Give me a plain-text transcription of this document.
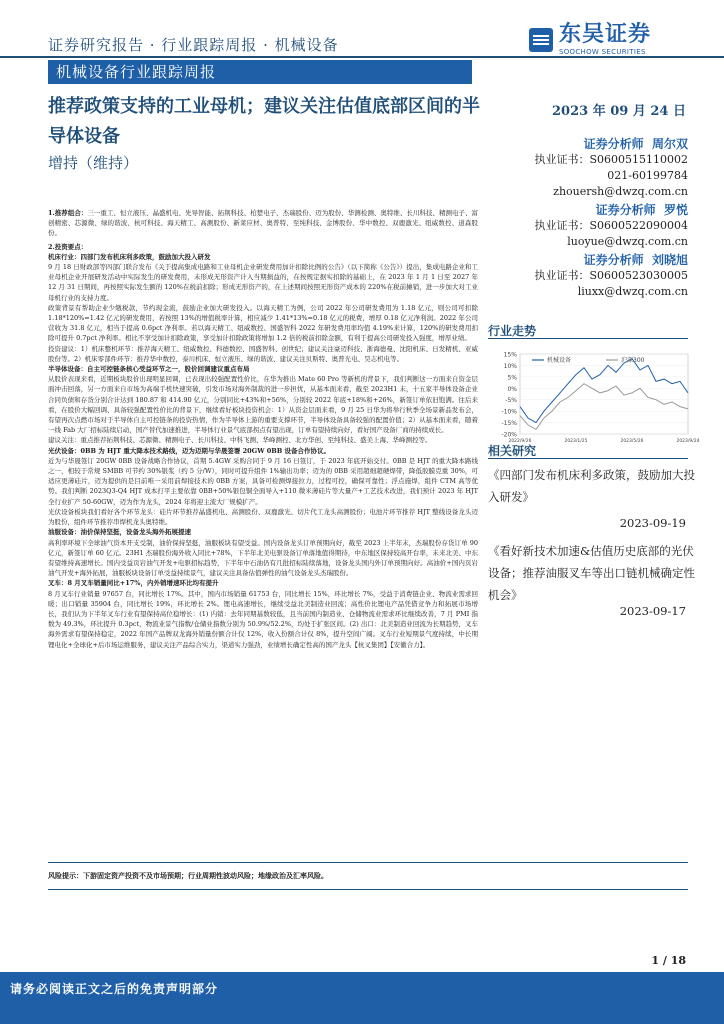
证券研究报告 · 行业跟踪周报 · 机械设备	东吴证券
SOOCHOW SECURITIES
机械设备行业跟踪周报
推荐政策支持的工业母机；建议关注估值底部区间的半导体设备
增持（维持）
2023 年 09 月 24 日
证券分析师 周尔双
执业证书：S0600515110002
021-60199784
zhouersh@dwzq.com.cn
证券分析师 罗悦
执业证书：S0600522090004
luoyue@dwzq.com.cn
证券分析师 刘晓旭
执业证书：S0600523030005
liuxx@dwzq.com.cn
行业走势
15%
10%
5%
0%
-5%
-10%
-15%
-20%
2022/9/26	2023/1/25	2023/5/26	2023/9/24
机械设备	沪深300
相关研究
《四部门发布机床利多政策，鼓励加大投入研发》
2023-09-19
《看好新技术加速&估值历史底部的光伏设备；推荐油服叉车等出口链机械确定性机会》
2023-09-17

1.推荐组合：三一重工、恒立液压、晶盛机电、先导智能、拓荆科技、柏楚电子、杰瑞股份、迈为股份、华测检测、奥特维、长川科技、精测电子、富创精密、芯源微、绿的谐波、杭可科技、海天精工、高测股份、新莱应材、奥普特、至纯科技、金博股份、华中数控、双鹿激光、纽威数控、道森股份。

2.投资要点：

机床行业：四部门发布机床利多政策，鼓励加大投入研发

9 月 18 日财政部等四部门联合发布《关于提高集成电路和工业母机企业研发费用加计扣除比例的公告》（以下简称《公告》）提出，集成电路企业和工业母机企业开展研发活动中实际发生的研发费用，未形成无形资产计入当期损益的，在按规定据实扣除的基础上，在 2023 年 1 月 1 日至 2027 年 12 月 31 日期间，再按照实际发生额的 120%在税前扣除；形成无形资产的，在上述期间按照无形资产成本的 220%在税前摊销，进一步加大对工业母机行业的支持力度。

政策背景有帮助企业少缴税款，节约现金流，鼓励企业加大研发投入。以海天精工为例，公司 2022 年公司研发费用为 1.18 亿元，则公司可扣除 1.18*120%=1.42 亿元的研发费用，若按照 13%的增值税率计算，相应减少 1.41*13%=0.18 亿元的税费，增厚 0.18 亿元净利润。2022 年公司营收为 31.8 亿元，相当于提高 0.6pct 净利率。若以海天精工、纽威数控、国盛智科 2022 年研发费用率均值 4.19%来计算，120%的研发费用扣除可提升 0.7pct 净利率。相比不享受加计扣除政策，享受加计扣除政策将增加 1.2 倍的税前扣除金额，有利于提高公司研发投入强度，增厚业绩。

投资建议：1）机床整机环节：推荐海天精工、纽威数控、科德数控、国盛智科、创世纪；建议关注豪迈科技、浙海德曼、沈阳机床、日发精机、亚威股份等。2）机床零部件环节：推荐华中数控，泰川机床、恒立液压、绿的谐波、建议关注贝斯特、奥普光电、昊志机电等。

半导体设备：自主可控链条核心受益环节之一，股价回调建议重点布局

从股价表现来看，近期板块股价出现明显回调，已表现出较强配置性价比，在华为推出 Mate 60 Pro 等新机的背景下，我们判断这一方面来自资金层面冲击回落，另一方面来自市场为高端手机快速突破，引发市场对海外制裁的进一步担忧，从基本面来看，截至 2023H1 末，十五家半导体设备企业合同负债和存货分别合计达到 180.87 和 414.90 亿元，分别同比+43%和+56%，分别较 2022 年底+18%和+26%，新签订单依旧饱满。往后来看，在股价大幅回调、具备较强配置性价比的背景下，继续看好板块投资机会：1）从资金层面来看，9 月 25 日华为将举行秋季全场景新品发布会，有望再次点燃市场对于半导体自主可控链条的投资热情，作为半导体上游的重要支撑环节，半导体设备具备较强的配置价值；2）从基本面来看，随着一线 Fab 大厂招标陆续启动，国产替代加速推进，半导体行业景气底部拐点有望出现，订单有望持续向好，看好国产设备厂商的持续成长。

建议关注：重点推荐拓荆科技、芯源微、精测电子、长川科技、中科飞测、华峰测控、北方华创、至纯科技、盛美上海、华峰测控等。

光伏设备：0BB 为 HJT 重大降本技术路线，迈为迈期与华晟签署 20GW 0BB 设备合作协议。

近为与华晟签订 20GW 0BB 设备战略合作协议，首期 5.4GW 采购合同于 9 月 16 日签订，于 2023 年底开始交付。0BB 是 HJT 的重大降本路线之一，相较于常规 SMBB 可节约 30%银浆（约 5 分/W），同时可提升组件 1%输出功率；迈为的 0BB 采用超细超硬焊带，降低胶膜克重 30%，可适应更薄硅片，迈为提供的是目前唯一采用前焊接技术的 0BB 方案，具备可检测焊接拉力，过程可控，确保可靠性；浮点施焊，组件 CTM 高等优势。我们判断 2023Q3-Q4 HJT 成本打平主要依靠 0BB+50%银包铜全面导入+110 微米薄硅片等大量产+工艺技术改进，我们预计 2023 年 HJT 全行业扩产 50-60GW，迈为作为龙头，2024 年将迎主流大厂规模扩产。

光伏设备板块我们看好各个环节龙头：硅片环节推荐晶盛机电、高测股份、双鹿激光、切片代工龙头高测股份；电池片环节推荐 HJT 整线设备龙头迈为股份，组件环节推荐串焊机龙头奥特维。

油服设备：油价保持坚挺，设备龙头海外拓展提速

高利率环境下全球油气资本开支受制，油价保持坚挺，油服板块有望受益。国内设备龙头订单预期向好，截至 2023 上半年末，杰瑞股份存货订单 90 亿元，新签订单 60 亿元。23H1 杰瑞股份海外收入同比+78%，下半年北美电驱设备订单落地值得期待，中东地区保持较高开台率，未来北美、中东有望维持高速增长。国内受益页岩油气开发+电驱招标趋势，下半年中石油仍有几批招标陆续落地，设备龙头国内外订单预期向好。高油价+国内页岩油气开发+海外拓展，油服板块设备订单受益持续景气，建议关注具备估值弹性的油气设备龙头杰瑞股份。

叉车：8 月叉车销量同比+17%，内外销增速环比均有提升

8 月叉车行业销量 97657 台，同比增长 17%。其中，国内市场销量 61753 台，同比增长 15%，环比增长 7%，受益于消费链企业、物流业需求回暖；出口销量 35904 台，同比增长 19%，环比增长 2%。锂电高速增长，继续受益北美制造业回流；高性价比锂电产品凭借竞争力和拓展市场增长，我们认为下半年叉车行业有望保持高位稳增长：(1) 内销：去年同期基数较低，且当前国内制造业、仓储物流业需求环比继续改善，7 月 PMI 指数为 49.3%，环比提升 0.3pct，物流业景气指数/仓储业指数分别为 50.9%/52.2%，均处于扩张区间。(2) 出口：北美制造业回流为长期趋势，叉车海外需求有望保持稳定，2022 年国产品牌双龙海外销量份额合计仅 12%，收入份额合计仅 8%，提升空间广阔。叉车行业短期景气度持续，中长期锂电化+全球化+后市场运维服务，建议关注产品综合实力，渠道实力强劲，业绩增长确定性高的国产龙头【杭叉集团】【安徽合力】。

风险提示：下游固定资产投资不及市场预期；行业周期性波动风险；地缘政治及汇率风险。
1 / 18
请务必阅读正文之后的免责声明部分
